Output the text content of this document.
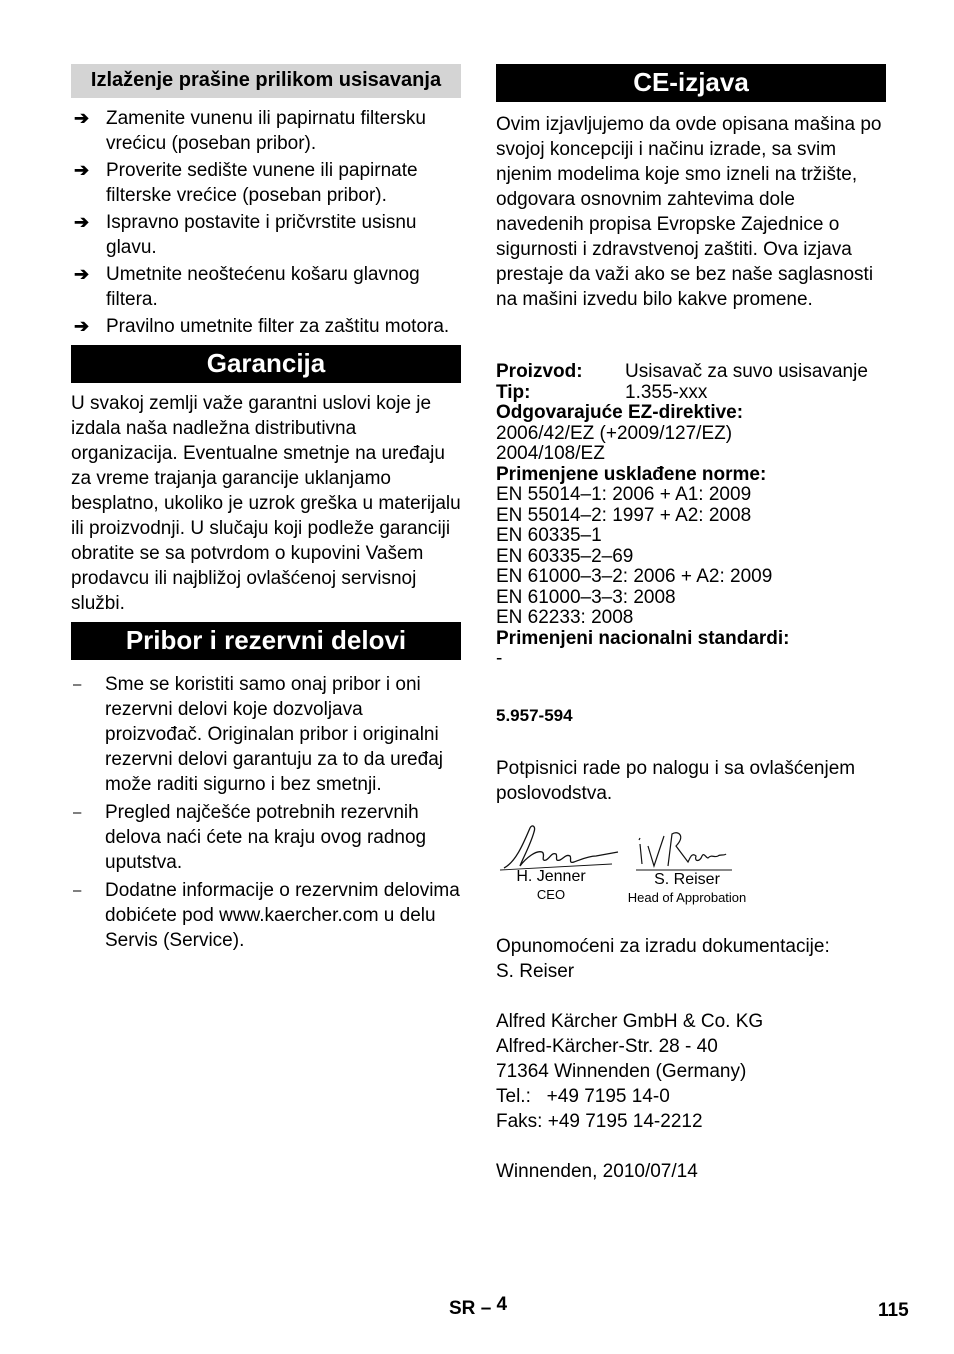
Izlaženje prašine prilikom usisavanja
➔ Zamenite vunenu ili papirnatu filtersku vrećicu (poseban pribor).
➔ Proverite sedište vunene ili papirnate filterske vrećice (poseban pribor).
➔ Ispravno postavite i pričvrstite usisnu glavu.
➔ Umetnite neoštećenu košaru glavnog filtera.
➔ Pravilno umetnite filter za zaštitu motora.
Garancija

U svakoj zemlji važe garantni uslovi koje je izdala naša nadležna distributivna organizacija. Eventualne smetnje na uređaju za vreme trajanja garancije uklanjamo besplatno, ukoliko je uzrok greška u materijalu ili proizvodnji. U slučaju koji podleže garanciji obratite se sa potvrdom o kupovini Vašem prodavcu ili najbližoj ovlašćenoj servisnoj službi.

Pribor i rezervni delovi
–	Sme se koristiti samo onaj pribor i oni rezervni delovi koje dozvoljava proizvođač. Originalan pribor i originalni rezervni delovi garantuju za to da uređaj može raditi sigurno i bez smetnji.
–	Pregled najčešće potrebnih rezervnih delova naći ćete na kraju ovog radnog uputstva.
–	Dodatne informacije o rezervnim delovima dobićete pod www.kaercher.com u delu Servis (Service).
CE-izjava

Ovim izjavljujemo da ovde opisana mašina po svojoj koncepciji i načinu izrade, sa svim njenim modelima koje smo izneli na tržište, odgovara osnovnim zahtevima dole navedenih propisa Evropske Zajednice o sigurnosti i zdravstvenoj zaštiti. Ova izjava prestaje da važi ako se bez naše saglasnosti na mašini izvedu bilo kakve promene.

Proizvod:	Usisavač za suvo usisavanje
Tip:	1.355-xxx
Odgovarajuće EZ-direktive:
2006/42/EZ (+2009/127/EZ)
2004/108/EZ
Primenjene usklađene norme:
EN 55014–1: 2006 + A1: 2009
EN 55014–2: 1997 + A2: 2008
EN 60335–1
EN 60335–2–69
EN 61000–3–2: 2006 + A2: 2009
EN 61000–3–3: 2008
EN 62233: 2008
Primenjeni nacionalni standardi:
-
5.957-594

Potpisnici rade po nalogu i sa ovlašćenjem poslovodstva.

H. Jenner
CEO
S. Reiser
Head of Approbation

Opunomoćeni za izradu dokumentacije:

S. Reiser

Alfred Kärcher GmbH & Co. KG

Alfred-Kärcher-Str. 28 - 40

71364 Winnenden (Germany)

Tel.:   +49 7195 14-0

Faks: +49 7195 14-2212

Winnenden, 2010/07/14

SR – 4	115
